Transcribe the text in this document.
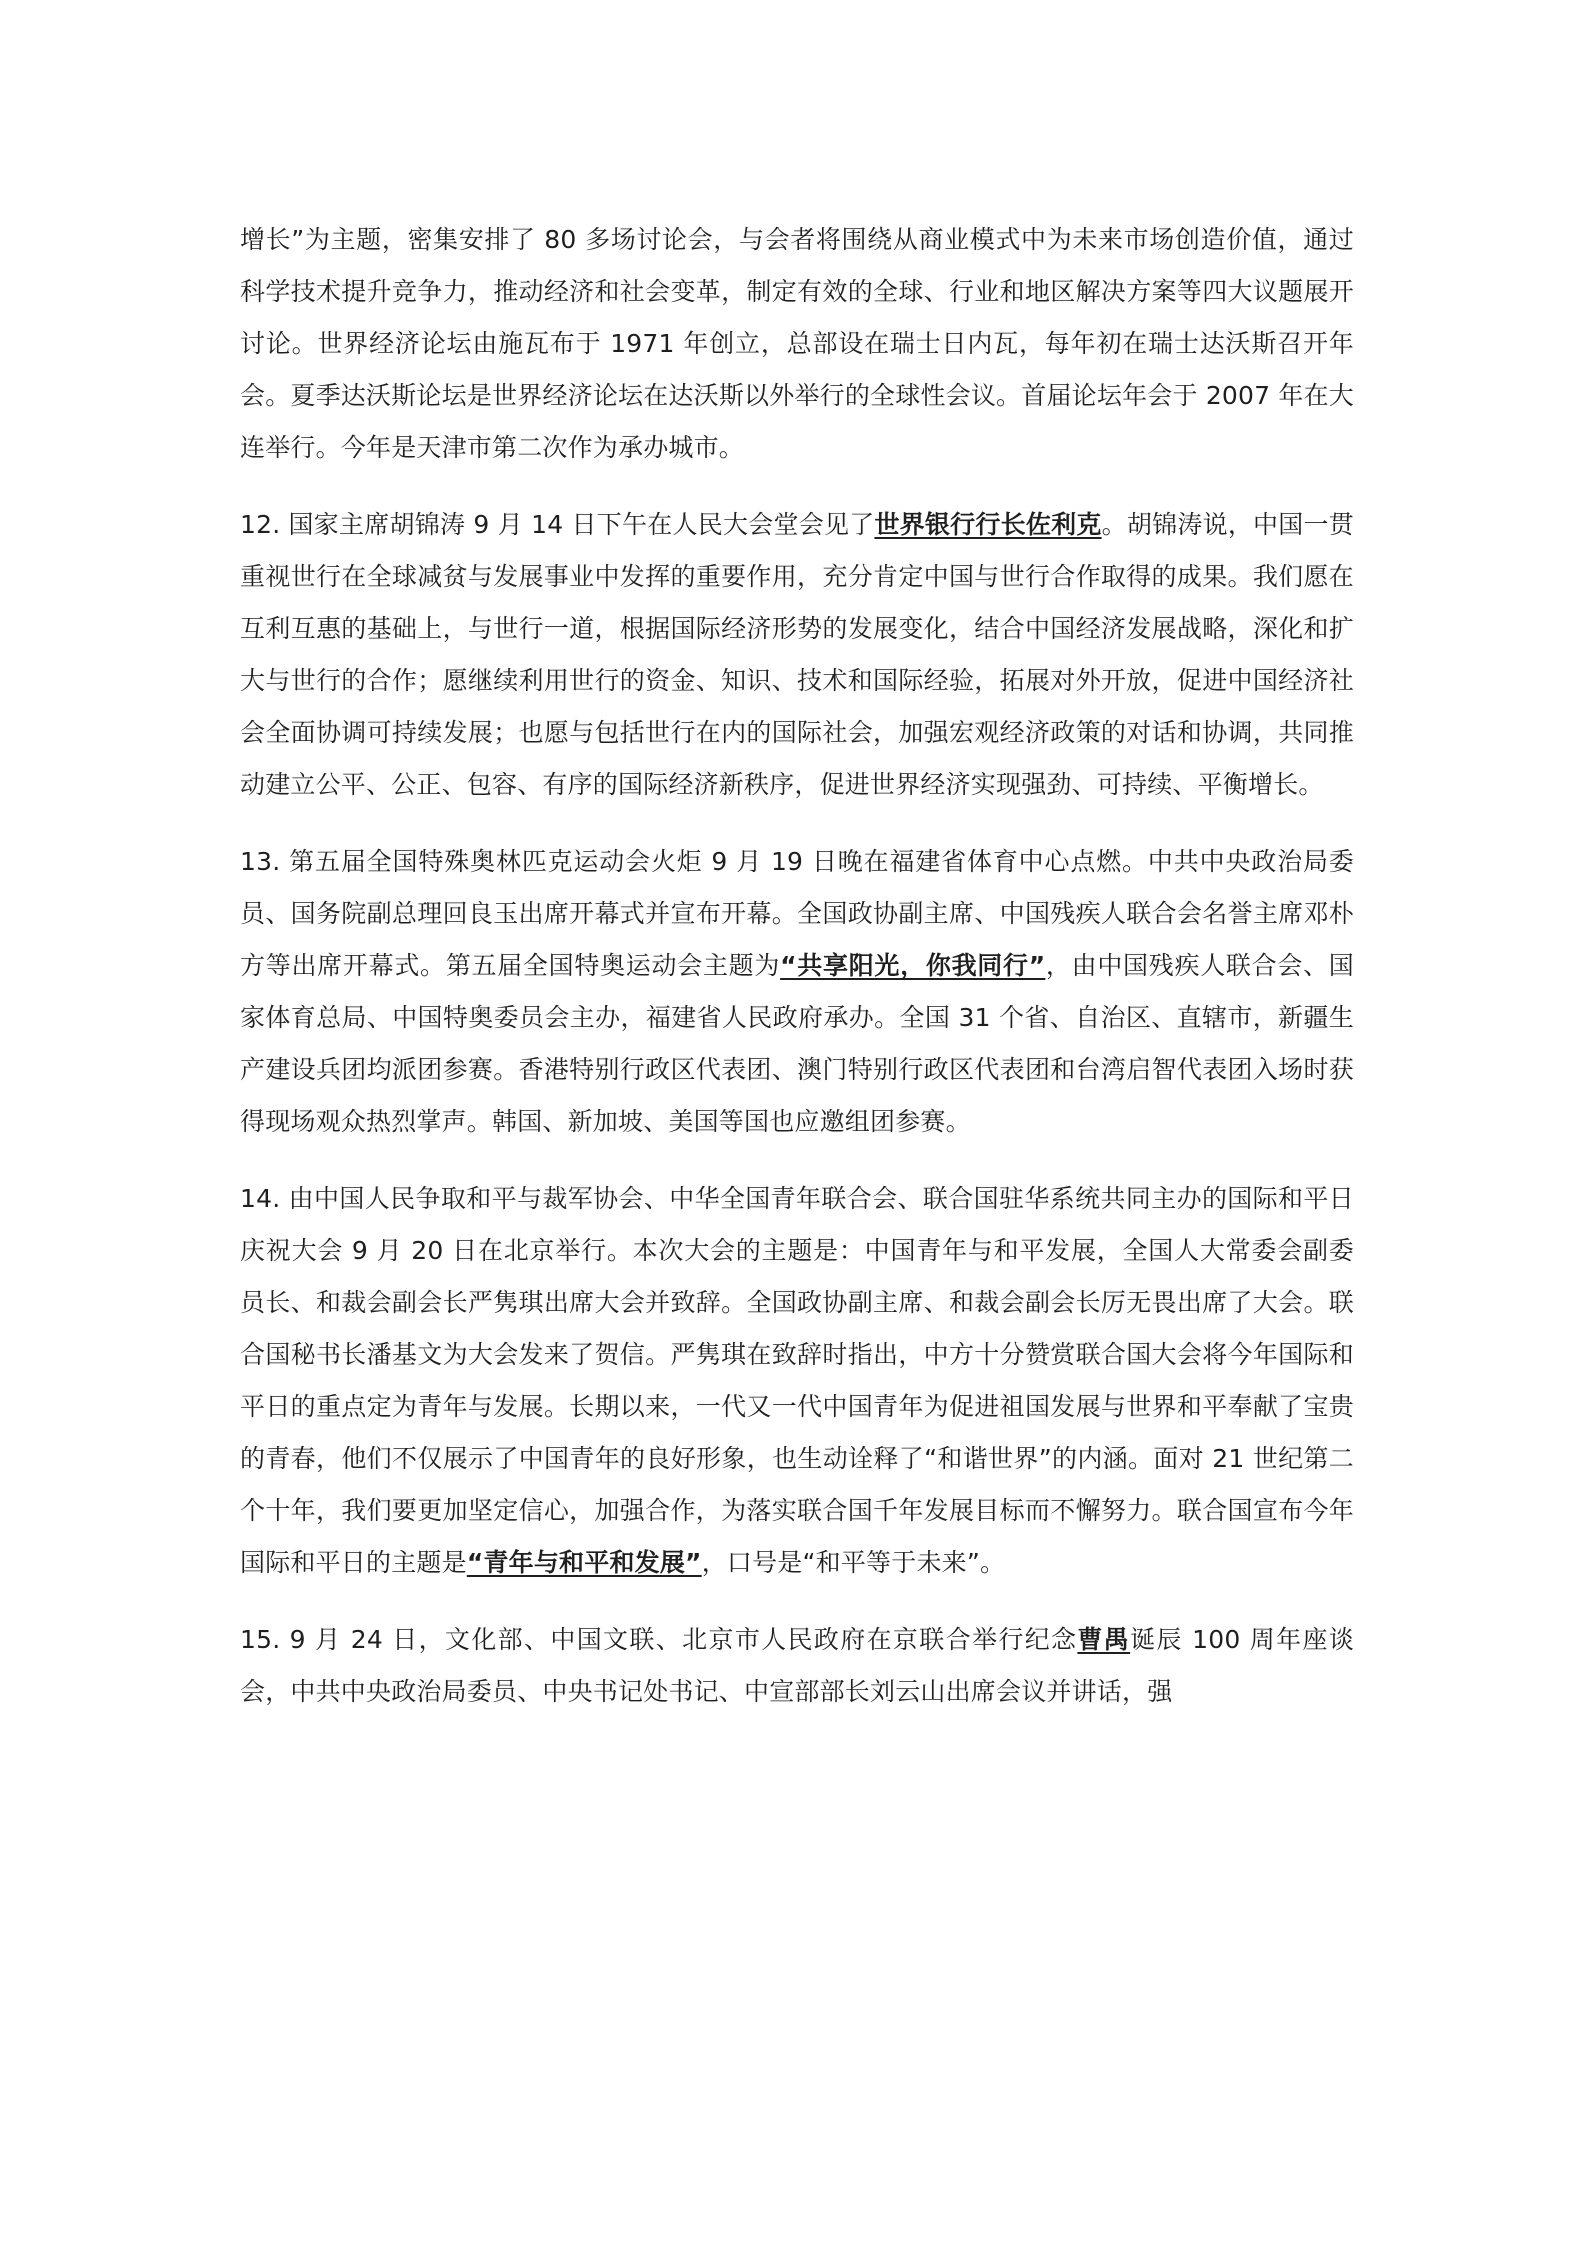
增长”为主题，密集安排了 80 多场讨论会，与会者将围绕从商业模式中为未来市场创造价值，通过科学技术提升竞争力，推动经济和社会变革，制定有效的全球、行业和地区解决方案等四大议题展开讨论。世界经济论坛由施瓦布于 1971 年创立，总部设在瑞士日内瓦，每年初在瑞士达沃斯召开年会。夏季达沃斯论坛是世界经济论坛在达沃斯以外举行的全球性会议。首届论坛年会于 2007 年在大连举行。今年是天津市第二次作为承办城市。

12. 国家主席胡锦涛 9 月 14 日下午在人民大会堂会见了世界银行行长佐利克。胡锦涛说，中国一贯重视世行在全球减贫与发展事业中发挥的重要作用，充分肯定中国与世行合作取得的成果。我们愿在互利互惠的基础上，与世行一道，根据国际经济形势的发展变化，结合中国经济发展战略，深化和扩大与世行的合作；愿继续利用世行的资金、知识、技术和国际经验，拓展对外开放，促进中国经济社会全面协调可持续发展；也愿与包括世行在内的国际社会，加强宏观经济政策的对话和协调，共同推动建立公平、公正、包容、有序的国际经济新秩序，促进世界经济实现强劲、可持续、平衡增长。

13. 第五届全国特殊奥林匹克运动会火炬 9 月 19 日晚在福建省体育中心点燃。中共中央政治局委员、国务院副总理回良玉出席开幕式并宣布开幕。全国政协副主席、中国残疾人联合会名誉主席邓朴方等出席开幕式。第五届全国特奥运动会主题为“共享阳光，你我同行”，由中国残疾人联合会、国家体育总局、中国特奥委员会主办，福建省人民政府承办。全国 31 个省、自治区、直辖市，新疆生产建设兵团均派团参赛。香港特别行政区代表团、澳门特别行政区代表团和台湾启智代表团入场时获得现场观众热烈掌声。韩国、新加坡、美国等国也应邀组团参赛。

14. 由中国人民争取和平与裁军协会、中华全国青年联合会、联合国驻华系统共同主办的国际和平日庆祝大会 9 月 20 日在北京举行。本次大会的主题是：中国青年与和平发展，全国人大常委会副委员长、和裁会副会长严隽琪出席大会并致辞。全国政协副主席、和裁会副会长厉无畏出席了大会。联合国秘书长潘基文为大会发来了贺信。严隽琪在致辞时指出，中方十分赞赏联合国大会将今年国际和平日的重点定为青年与发展。长期以来，一代又一代中国青年为促进祖国发展与世界和平奉献了宝贵的青春，他们不仅展示了中国青年的良好形象，也生动诠释了“和谐世界”的内涵。面对 21 世纪第二个十年，我们要更加坚定信心，加强合作，为落实联合国千年发展目标而不懈努力。联合国宣布今年国际和平日的主题是“青年与和平和发展”，口号是“和平等于未来”。

15. 9 月 24 日，文化部、中国文联、北京市人民政府在京联合举行纪念曹禺诞辰 100 周年座谈会，中共中央政治局委员、中央书记处书记、中宣部部长刘云山出席会议并讲话，强
